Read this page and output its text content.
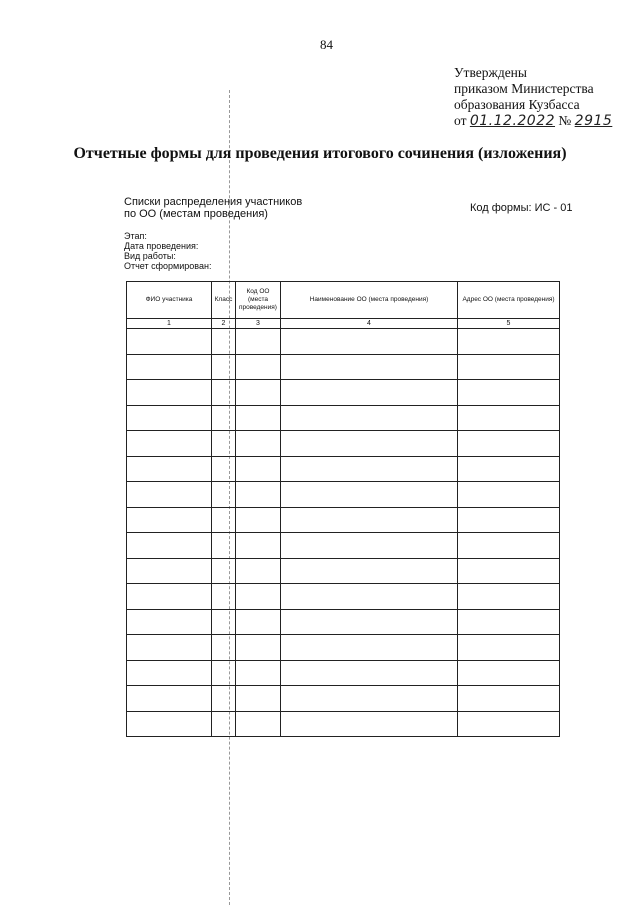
84
Утверждены
приказом Министерства
образования Кузбасса
от 01.12.2022 № 2915
Отчетные формы для проведения итогового сочинения (изложения)
Списки распределения участников
по ОО (местам проведения)	Код формы: ИС - 01
Этап:
Дата проведения:
Вид работы:
Отчет сформирован:
ФИО участника	Класс	Код ОО (места проведения)	Наименование ОО (места проведения)	Адрес ОО (места проведения)
1	2	3	4	5
